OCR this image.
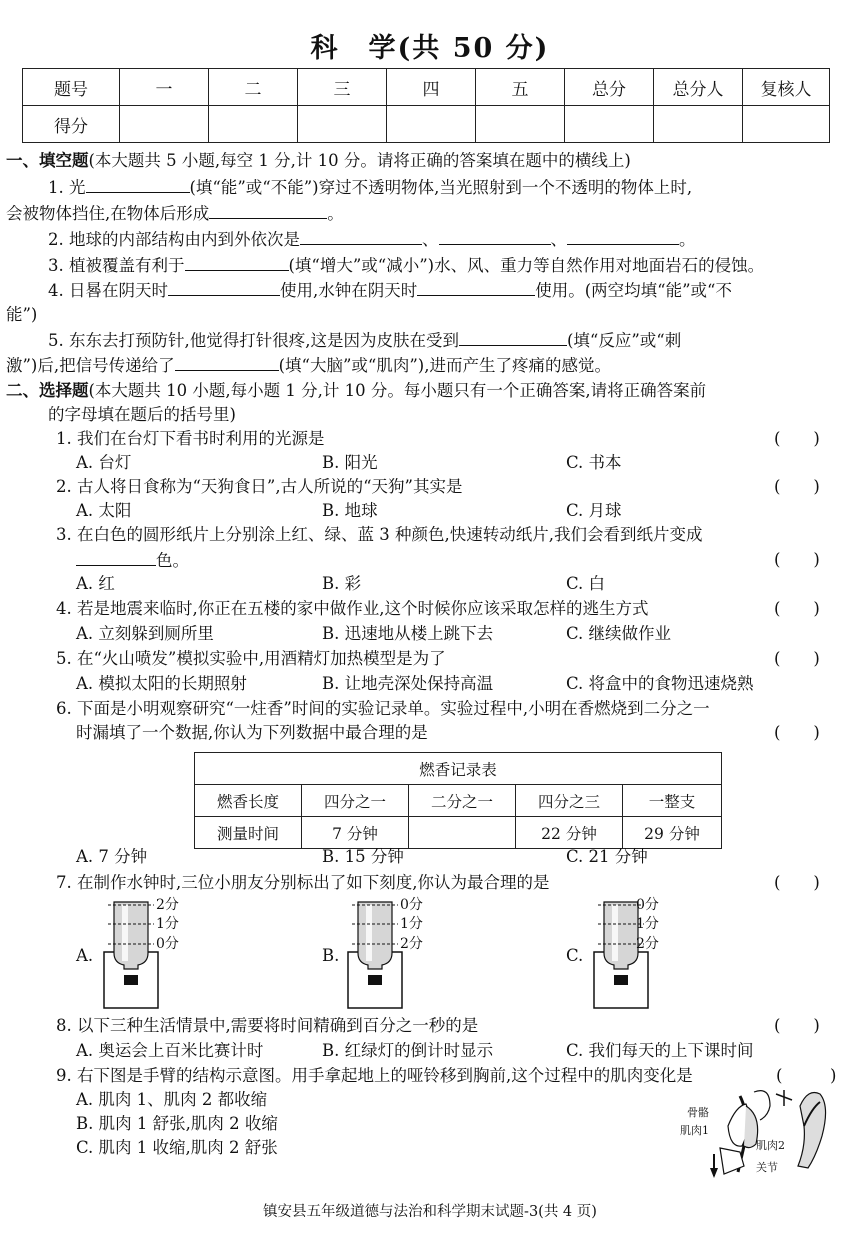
科　学(共 50 分)
题号	一	二	三	四	五	总分	总分人	复核人
得分								
一、填空题(本大题共 5 小题,每空 1 分,计 10 分。请将正确的答案填在题中的横线上)
1. 光	(填“能”或“不能”)穿过不透明物体,当光照射到一个不透明的物体上时,
会被物体挡住,在物体后形成	。
2. 地球的内部结构由内到外依次是	、	、	。
3. 植被覆盖有利于	(填“增大”或“减小”)水、风、重力等自然作用对地面岩石的侵蚀。
4. 日晷在阴天时	使用,水钟在阴天时	使用。(两空均填“能”或“不
能”)
5. 东东去打预防针,他觉得打针很疼,这是因为皮肤在受到	(填“反应”或“刺
激”)后,把信号传递给了	(填“大脑”或“肌肉”),进而产生了疼痛的感觉。
二、选择题(本大题共 10 小题,每小题 1 分,计 10 分。每小题只有一个正确答案,请将正确答案前
的字母填在题后的括号里)
1. 我们在台灯下看书时利用的光源是	(　　)
A. 台灯	B. 阳光	C. 书本
2. 古人将日食称为“天狗食日”,古人所说的“天狗”其实是	(　　)
A. 太阳	B. 地球	C. 月球
3. 在白色的圆形纸片上分别涂上红、绿、蓝 3 种颜色,快速转动纸片,我们会看到纸片变成
色。	(　　)
A. 红	B. 彩	C. 白
4. 若是地震来临时,你正在五楼的家中做作业,这个时候你应该采取怎样的逃生方式	(　　)
A. 立刻躲到厕所里	B. 迅速地从楼上跳下去	C. 继续做作业
5. 在“火山喷发”模拟实验中,用酒精灯加热模型是为了	(　　)
A. 模拟太阳的长期照射	B. 让地壳深处保持高温	C. 将盒中的食物迅速烧熟
6. 下面是小明观察研究“一炷香”时间的实验记录单。实验过程中,小明在香燃烧到二分之一
时漏填了一个数据,你认为下列数据中最合理的是	(　　)
燃香记录表				
燃香长度	四分之一	二分之一	四分之三	一整支
测量时间	7 分钟		22 分钟	29 分钟
A. 7 分钟	B. 15 分钟	C. 21 分钟
7. 在制作水钟时,三位小朋友分别标出了如下刻度,你认为最合理的是	(　　)
A.
2分
1分
0分
B.
0分
1分
2分
C.
0分
1分
2分
8. 以下三种生活情景中,需要将时间精确到百分之一秒的是	(　　)
A. 奥运会上百米比赛计时	B. 红绿灯的倒计时显示	C. 我们每天的上下课时间
9. 右下图是手臂的结构示意图。用手拿起地上的哑铃移到胸前,这个过程中的肌肉变化是	(	)
A. 肌肉 1、肌肉 2 都收缩
B. 肌肉 1 舒张,肌肉 2 收缩
C. 肌肉 1 收缩,肌肉 2 舒张
骨骼
肌肉1
肌肉2
关节
镇安县五年级道德与法治和科学期末试题-3(共 4 页)
